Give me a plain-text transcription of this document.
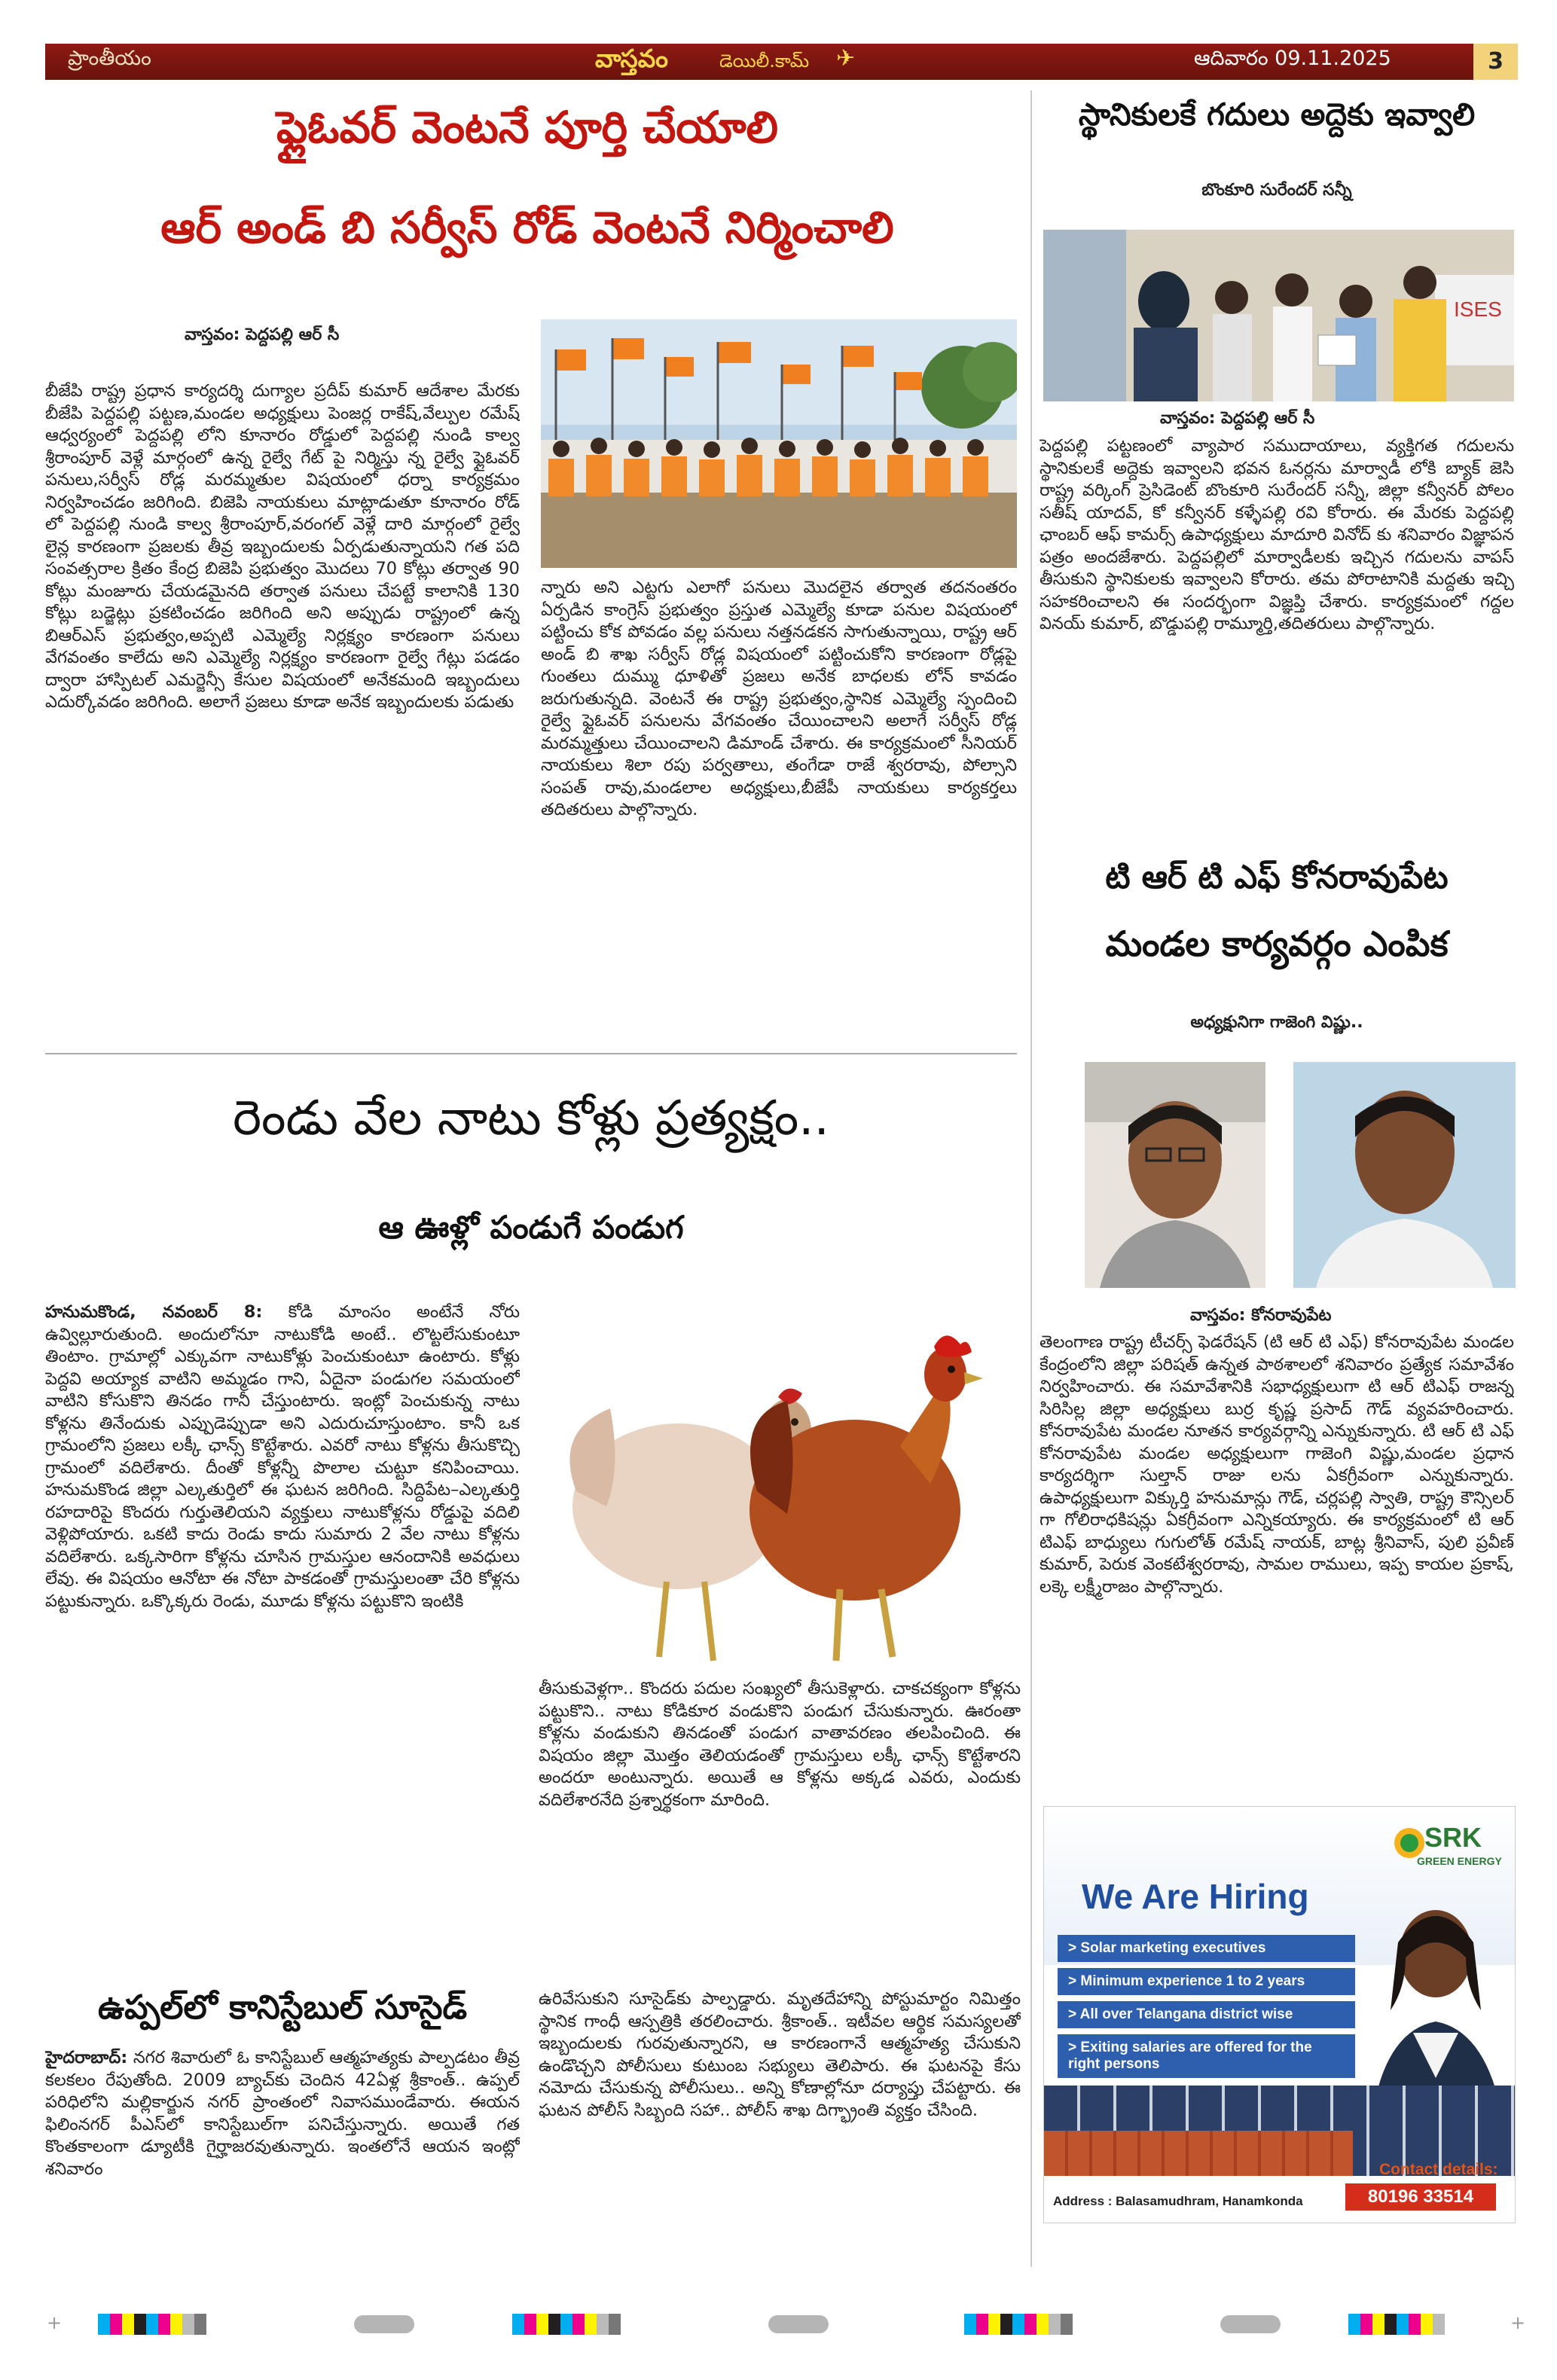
ప్రాంతీయం	వాస్తవం	డెయిలీ.కామ్ ✈	ఆదివారం 09.11.2025	3
ఫ్లైఓవర్ వెంటనే పూర్తి చేయాలి
ఆర్ అండ్ బి సర్వీస్ రోడ్ వెంటనే నిర్మించాలి
వాస్తవం: పెద్దపల్లి ఆర్ సీ

బీజేపి రాష్ట్ర ప్రధాన కార్యదర్శి దుగ్యాల ప్రదీప్ కుమార్ ఆదేశాల మేరకు బీజేపి పెద్దపల్లి పట్టణ,మండల అధ్యక్షులు పెంజర్ల రాకేష్,వేల్పుల రమేష్ ఆధ్వర్యంలో పెద్దపల్లి లోని కూనారం రోడ్డులో పెద్దపల్లి నుండి కాల్వ శ్రీరాంపూర్ వెళ్లే మార్గంలో ఉన్న రైల్వే గేట్ పై నిర్మిస్తు న్న రైల్వే ఫ్లైఓవర్ పనులు,సర్వీస్ రోడ్ల మరమ్మతుల విషయంలో ధర్నా కార్యక్రమం నిర్వహించడం జరిగింది. బిజెపి నాయకులు మాట్లాడుతూ కూనారం రోడ్ లో పెద్దపల్లి నుండి కాల్వ శ్రీరాంపూర్,వరంగల్ వెళ్లే దారి మార్గంలో రైల్వే లైన్ల కారణంగా ప్రజలకు తీవ్ర ఇబ్బందులకు ఏర్పడుతున్నాయని గత పది సంవత్సరాల క్రితం కేంద్ర బిజెపి ప్రభుత్వం మొదలు 70 కోట్లు తర్వాత 90 కోట్లు మంజూరు చేయడమైనది తర్వాత పనులు చేపట్టే కాలానికి 130 కోట్లు బడ్జెట్లు ప్రకటించడం జరిగింది అని అప్పుడు రాష్ట్రంలో ఉన్న బిఆర్ఎస్ ప్రభుత్వం,అప్పటి ఎమ్మెల్యే నిర్లక్ష్యం కారణంగా పనులు వేగవంతం కాలేదు అని ఎమ్మెల్యే నిర్లక్ష్యం కారణంగా రైల్వే గేట్లు పడడం ద్వారా హాస్పిటల్ ఎమర్జెన్సీ కేసుల విషయంలో అనేకమంది ఇబ్బందులు ఎదుర్కోవడం జరిగింది. అలాగే ప్రజలు కూడా అనేక ఇబ్బందులకు పడుతు

న్నారు అని ఎట్టగు ఎలాగో పనులు మొదలైన తర్వాత తదనంతరం ఏర్పడిన కాంగ్రెస్ ప్రభుత్వం ప్రస్తుత ఎమ్మెల్యే కూడా పనుల విషయంలో పట్టించు కోక పోవడం వల్ల పనులు నత్తనడకన సాగుతున్నాయి, రాష్ట్ర ఆర్ అండ్ బి శాఖ సర్వీస్ రోడ్ల విషయంలో పట్టించుకోని కారణంగా రోడ్లపై గుంతలు దుమ్ము ధూళితో ప్రజలు అనేక బాధలకు లోన్ కావడం జరుగుతున్నది. వెంటనే ఈ రాష్ట్ర ప్రభుత్వం,స్థానిక ఎమ్మెల్యే స్పందించి రైల్వే ఫ్లైఓవర్ పనులను వేగవంతం చేయించాలని అలాగే సర్వీస్ రోడ్ల మరమ్మత్తులు చేయించాలని డిమాండ్ చేశారు. ఈ కార్యక్రమంలో సీనియర్ నాయకులు శిలా రపు పర్వతాలు, తంగేడా రాజే శ్వరరావు, పోల్సాని సంపత్ రావు,మండలాల అధ్యక్షులు,బీజేపీ నాయకులు కార్యకర్తలు తదితరులు పాల్గొన్నారు.

స్థానికులకే గదులు అద్దెకు ఇవ్వాలి
బొంకూరి సురేందర్ సన్నీ
ISES
వాస్తవం: పెద్దపల్లి ఆర్ సీ

పెద్దపల్లి పట్టణంలో వ్యాపార సముదాయాలు, వ్యక్తిగత గదులను స్థానికులకే అద్దెకు ఇవ్వాలని భవన ఓనర్లను మార్వాడీ లోకి బ్యాక్ జెసి రాష్ట్ర వర్కింగ్ ప్రెసిడెంట్ బొంకూరి సురేందర్ సన్నీ, జిల్లా కన్వీనర్ పోలం సతీష్ యాదవ్, కో కన్వీనర్ కళ్ళేపల్లి రవి కోరారు. ఈ మేరకు పెద్దపల్లి ఛాంబర్ ఆఫ్ కామర్స్ ఉపాధ్యక్షులు మాదూరి వినోద్ కు శనివారం విజ్ఞాపన పత్రం అందజేశారు. పెద్దపల్లిలో మార్వాడీలకు ఇచ్చిన గదులను వాపస్ తీసుకుని స్థానికులకు ఇవ్వాలని కోరారు. తమ పోరాటానికి మద్దతు ఇచ్చి సహకరించాలని ఈ సందర్భంగా విజ్ఞప్తి చేశారు. కార్యక్రమంలో గద్దల వినయ్ కుమార్, బొడ్డుపల్లి రామ్మూర్తి,తదితరులు పాల్గొన్నారు.

టి ఆర్ టి ఎఫ్ కోనరావుపేట
మండల కార్యవర్గం ఎంపిక
అధ్యక్షునిగా గాజెంగి విష్ణు..
వాస్తవం: కోనరావుపేట

తెలంగాణ రాష్ట్ర టీచర్స్ ఫెడరేషన్ (టి ఆర్ టి ఎఫ్) కోనరావుపేట మండల కేంద్రంలోని జిల్లా పరిషత్ ఉన్నత పాఠశాలలో శనివారం ప్రత్యేక సమావేశం నిర్వహించారు. ఈ సమావేశానికి సభాధ్యక్షులుగా టి ఆర్ టిఎఫ్ రాజన్న సిరిసిల్ల జిల్లా అధ్యక్షులు బుర్ర కృష్ణ ప్రసాద్ గౌడ్ వ్యవహరించారు. కోనరావుపేట మండల నూతన కార్యవర్గాన్ని ఎన్నుకున్నారు. టి ఆర్ టి ఎఫ్ కోనరావుపేట మండల అధ్యక్షులుగా గాజెంగి విష్ణు,మండల ప్రధాన కార్యదర్శిగా సుల్తాన్ రాజు లను ఏకగ్రీవంగా ఎన్నుకున్నారు. ఉపాధ్యక్షులుగా విక్కుర్తి హనుమాన్లు గౌడ్, చర్లపల్లి స్వాతి, రాష్ట్ర కౌన్సిలర్ గా గోలిరాధకిషన్లు ఏకగ్రీవంగా ఎన్నికయ్యారు. ఈ కార్యక్రమంలో టి ఆర్ టిఎఫ్ బాధ్యులు గుగులోత్ రమేష్ నాయక్, బాట్ల శ్రీనివాస్, పులి ప్రవీణ్ కుమార్, పెరుక వెంకటేశ్వరరావు, సామల రాములు, ఇప్ప కాయల ప్రకాష్, లక్కె లక్ష్మీరాజం పాల్గొన్నారు.

SRK
GREEN ENERGY
We Are Hiring
> Solar marketing executives
> Minimum experience 1 to 2 years
> All over Telangana district wise
> Exiting salaries are offered for the right persons
Contact details:
80196 33514
Address : Balasamudhram, Hanamkonda
రెండు వేల నాటు కోళ్లు ప్రత్యక్షం..
ఆ ఊళ్లో పండుగే పండుగ

హనుమకొండ, నవంబర్ 8: కోడి మాంసం అంటేనే నోరు ఉవ్విల్లూరుతుంది. అందులోనూ నాటుకోడి అంటే.. లొట్టలేసుకుంటూ తింటాం. గ్రామాల్లో ఎక్కువగా నాటుకోళ్లు పెంచుకుంటూ ఉంటారు. కోళ్లు పెద్దవి అయ్యాక వాటిని అమ్మడం గాని, ఏదైనా పండుగల సమయంలో వాటిని కోసుకొని తినడం గానీ చేస్తుంటారు. ఇంట్లో పెంచుకున్న నాటు కోళ్లను తినేందుకు ఎప్పుడెప్పుడా అని ఎదురుచూస్తుంటాం. కానీ ఒక గ్రామంలోని ప్రజలు లక్కీ ఛాన్స్ కొట్టేశారు. ఎవరో నాటు కోళ్లను తీసుకొచ్చి గ్రామంలో వదిలేశారు. దీంతో కోళ్లన్నీ పొలాల చుట్టూ కనిపించాయి. హనుమకొండ జిల్లా ఎల్కతుర్తిలో ఈ ఘటన జరిగింది. సిద్దిపేట–ఎల్కతుర్తి రహదారిపై కొందరు గుర్తుతెలియని వ్యక్తులు నాటుకోళ్లను రోడ్డుపై వదిలి వెళ్లిపోయారు. ఒకటి కాదు రెండు కాదు సుమారు 2 వేల నాటు కోళ్లను వదిలేశారు. ఒక్కసారిగా కోళ్లను చూసిన గ్రామస్తుల ఆనందానికి అవధులు లేవు. ఈ విషయం ఆనోటా ఈ నోటా పాకడంతో గ్రామస్తులంతా చేరి కోళ్లను పట్టుకున్నారు. ఒక్కొక్కరు రెండు, మూడు కోళ్లను పట్టుకొని ఇంటికి

తీసుకువెళ్లగా.. కొందరు పదుల సంఖ్యలో తీసుకెళ్లారు. చాకచక్యంగా కోళ్లను పట్టుకొని.. నాటు కోడికూర వండుకొని పండుగ చేసుకున్నారు. ఊరంతా కోళ్లను వండుకుని తినడంతో పండుగ వాతావరణం తలపించింది. ఈ విషయం జిల్లా మొత్తం తెలియడంతో గ్రామస్తులు లక్కీ ఛాన్స్ కొట్టేశారని అందరూ అంటున్నారు. అయితే ఆ కోళ్లను అక్కడ ఎవరు, ఎందుకు వదిలేశారనేది ప్రశ్నార్థకంగా మారింది.

ఉప్పల్‌లో కానిస్టేబుల్ సూసైడ్

హైదరాబాద్: నగర శివారులో ఓ కానిస్టేబుల్ ఆత్మహత్యకు పాల్పడటం తీవ్ర కలకలం రేపుతోంది. 2009 బ్యాచ్‌కు చెందిన 42ఏళ్ల శ్రీకాంత్.. ఉప్పల్ పరిధిలోని మల్లికార్జున నగర్ ప్రాంతంలో నివాసముండేవారు. ఈయన ఫిలింనగర్ పీఎస్‌లో కానిస్టేబుల్‌గా పనిచేస్తున్నారు. అయితే గత కొంతకాలంగా డ్యూటీకి గైర్హాజరవుతున్నారు. ఇంతలోనే ఆయన ఇంట్లో శనివారం

ఉరివేసుకుని సూసైడ్‌కు పాల్పడ్డారు. మృతదేహాన్ని పోస్టుమార్టం నిమిత్తం స్థానిక గాంధీ ఆస్పత్రికి తరలించారు. శ్రీకాంత్.. ఇటీవల ఆర్థిక సమస్యలతో ఇబ్బందులకు గురవుతున్నారని, ఆ కారణంగానే ఆత్మహత్య చేసుకుని ఉండొచ్చని పోలీసులు కుటుంబ సభ్యులు తెలిపారు. ఈ ఘటనపై కేసు నమోదు చేసుకున్న పోలీసులు.. అన్ని కోణాల్లోనూ దర్యాప్తు చేపట్టారు. ఈ ఘటన పోలీస్ సిబ్బంది సహా.. పోలీస్ శాఖ దిగ్భ్రాంతి వ్యక్తం చేసింది.

+	+
